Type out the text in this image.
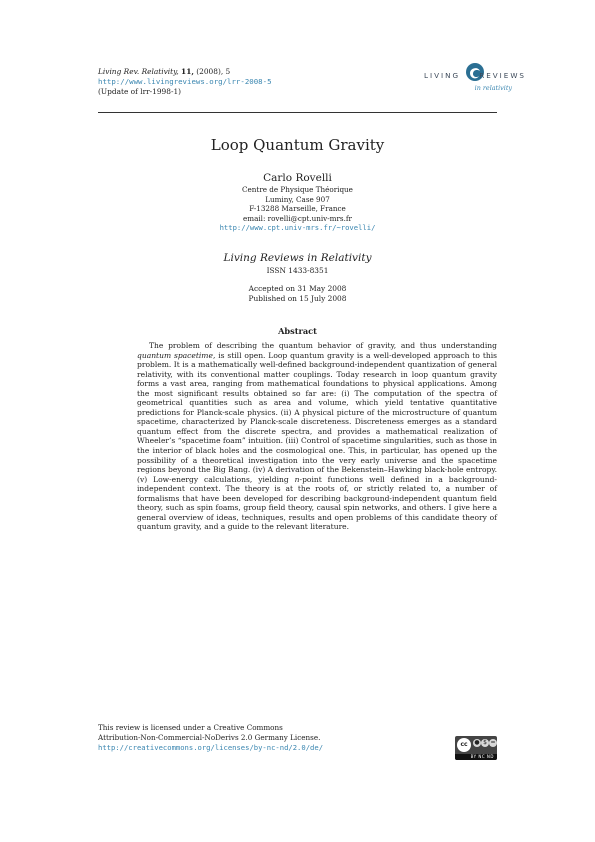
Living Rev. Relativity, 11, (2008), 5
http://www.livingreviews.org/lrr-2008-5
(Update of lrr-1998-1)
LIVING	REVIEWS
in relativity
Loop Quantum Gravity
Carlo Rovelli
Centre de Physique Théorique
Luminy, Case 907
F-13288 Marseille, France
email: rovelli@cpt.univ-mrs.fr
http://www.cpt.univ-mrs.fr/~rovelli/
Living Reviews in Relativity
ISSN 1433-8351
Accepted on 31 May 2008
Published on 15 July 2008
Abstract

The problem of describing the quantum behavior of gravity, and thus understanding quantum spacetime, is still open. Loop quantum gravity is a well-developed approach to this problem. It is a mathematically well-defined background-independent quantization of general relativity, with its conventional matter couplings. Today research in loop quantum gravity forms a vast area, ranging from mathematical foundations to physical applications. Among the most significant results obtained so far are: (i) The computation of the spectra of geometrical quantities such as area and volume, which yield tentative quantitative predictions for Planck-scale physics. (ii) A physical picture of the microstructure of quantum spacetime, characterized by Planck-scale discreteness. Discreteness emerges as a standard quantum effect from the discrete spectra, and provides a mathematical realization of Wheeler’s “spacetime foam” intuition. (iii) Control of spacetime singularities, such as those in the interior of black holes and the cosmological one. This, in particular, has opened up the possibility of a theoretical investigation into the very early universe and the spacetime regions beyond the Big Bang. (iv) A derivation of the Bekenstein–Hawking black-hole entropy. (v) Low-energy calculations, yielding n-point functions well defined in a background-independent context. The theory is at the roots of, or strictly related to, a number of formalisms that have been developed for describing background-independent quantum field theory, such as spin foams, group field theory, causal spin networks, and others. I give here a general overview of ideas, techniques, results and open problems of this candidate theory of quantum gravity, and a guide to the relevant literature.

This review is licensed under a Creative Commons
Attribution-Non-Commercial-NoDerivs 2.0 Germany License.
http://creativecommons.org/licenses/by-nc-nd/2.0/de/	cc	● $ =
BY NC ND
